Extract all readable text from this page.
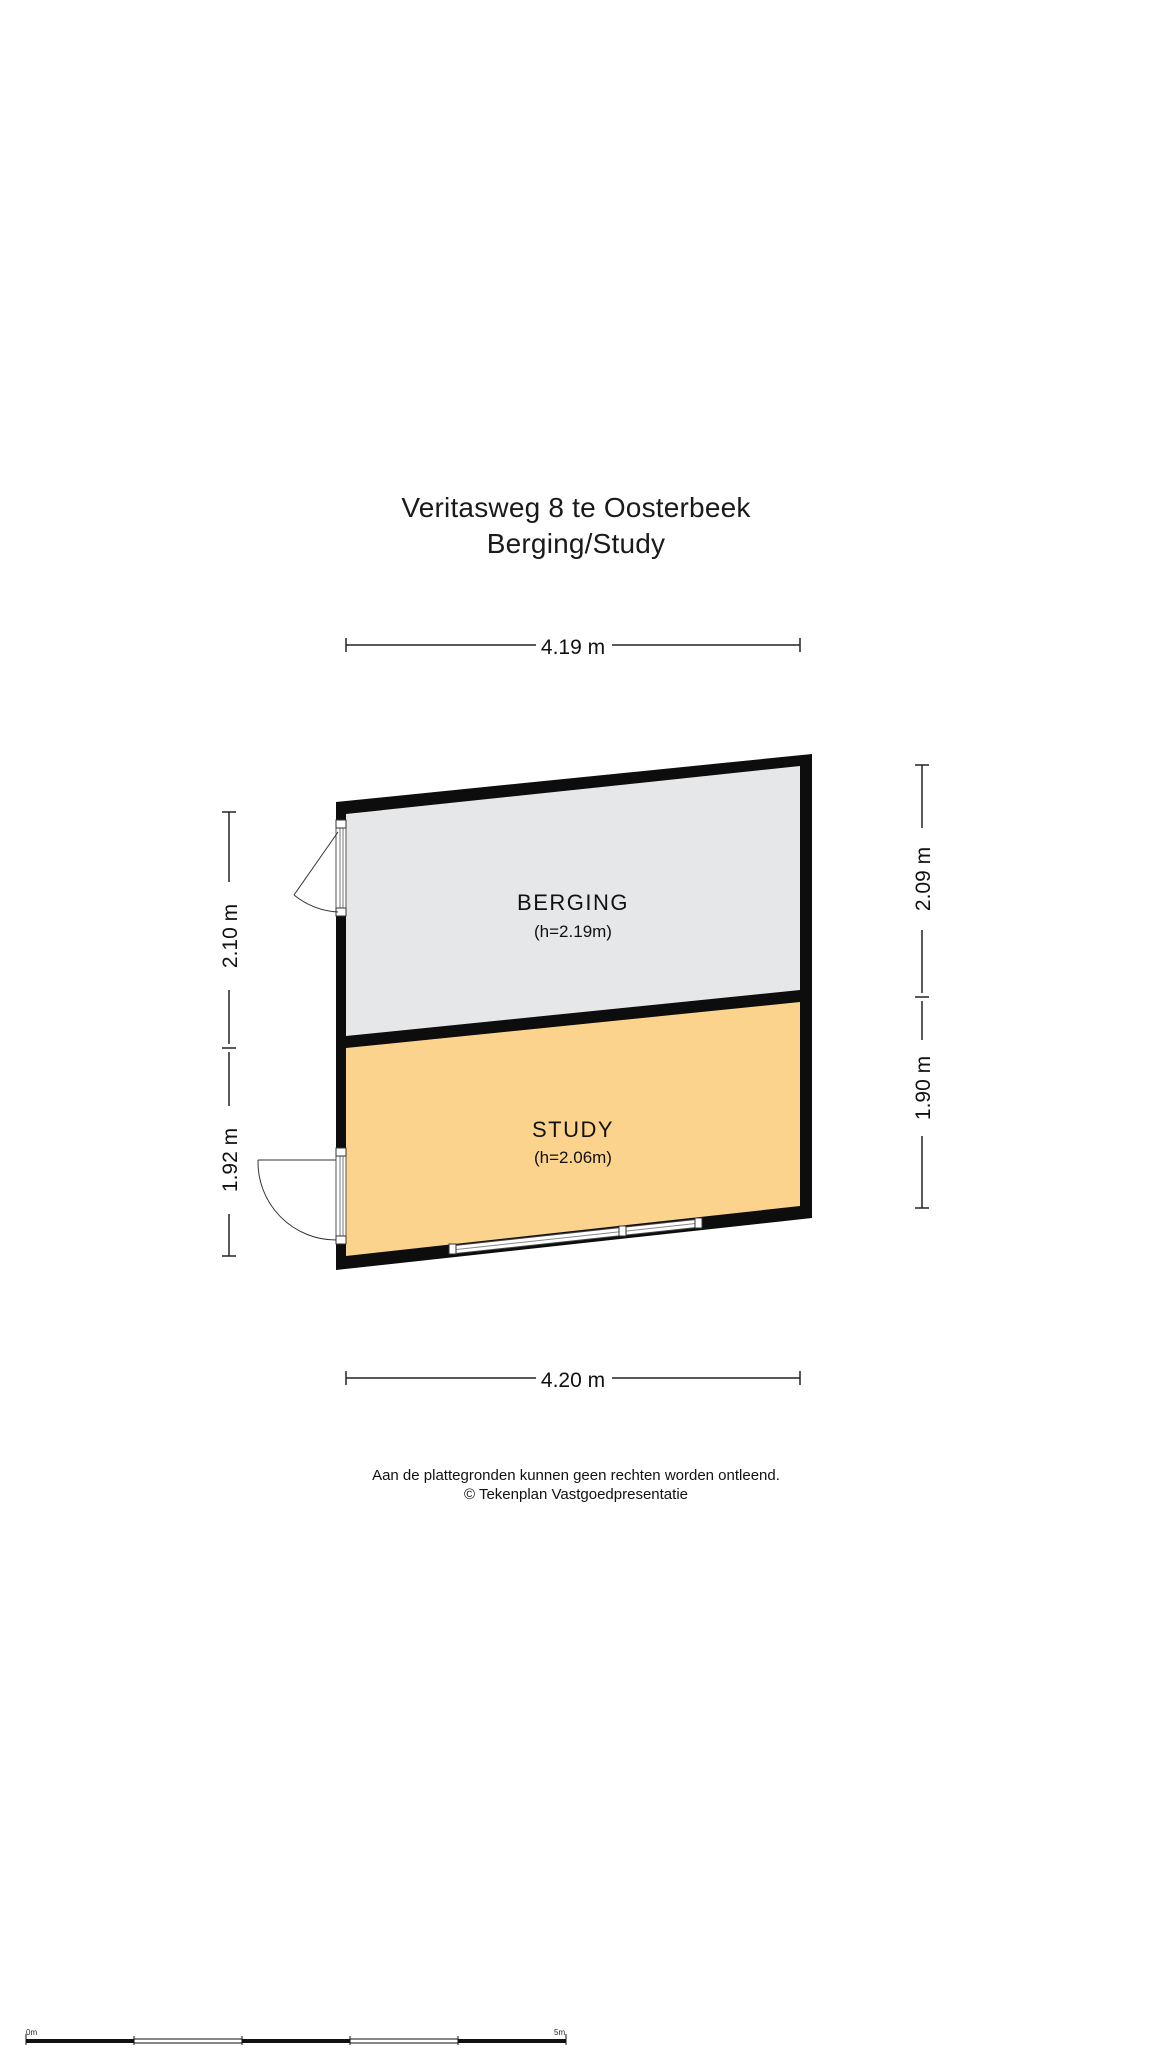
Veritasweg 8 te Oosterbeek
Berging/Study
4.19 m
4.20 m
2.10 m
1.92 m
2.09 m
1.90 m
BERGING
(h=2.19m)
STUDY
(h=2.06m)
0m	5m
Aan de plattegronden kunnen geen rechten worden ontleend.
© Tekenplan Vastgoedpresentatie
